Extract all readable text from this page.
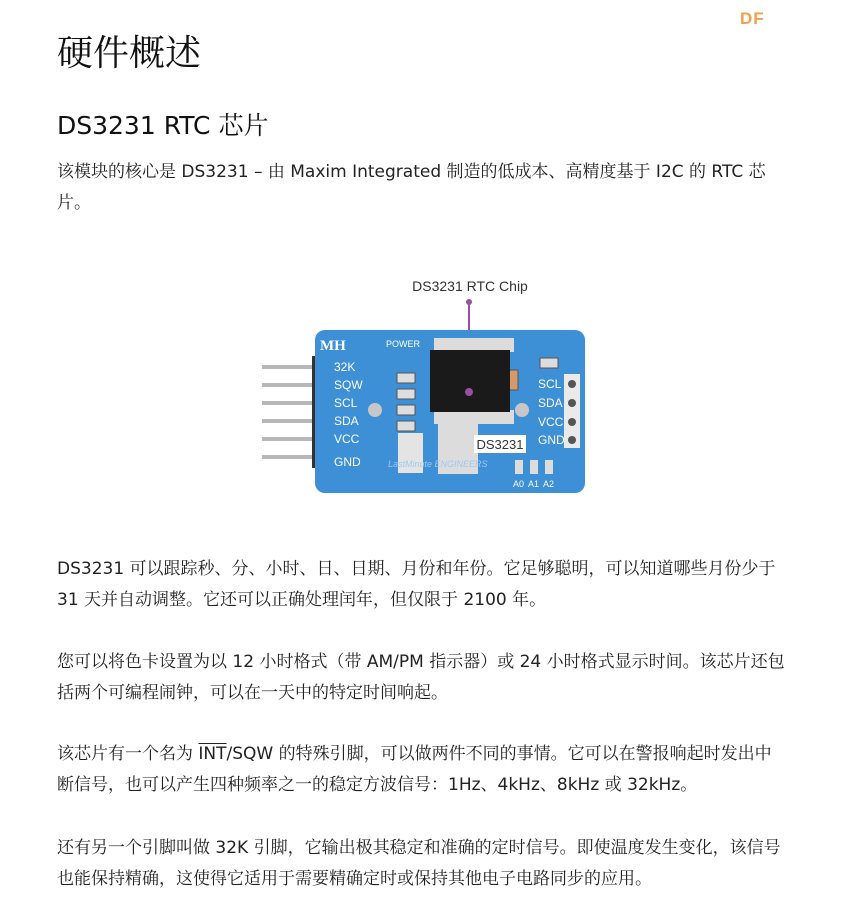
DF
硬件概述
DS3231 RTC 芯片

该模块的核心是 DS3231 – 由 Maxim Integrated 制造的低成本、高精度基于 I2C 的 RTC 芯片。

DS3231 RTC Chip
MH	POWER
32K
SQW
SCL
SDA
VCC
GND
DS3231
LastMinute ENGINEERS
SCL
SDA
VCC
GND
A0 A1 A2

DS3231 可以跟踪秒、分、小时、日、日期、月份和年份。它足够聪明，可以知道哪些月份少于 31 天并自动调整。它还可以正确处理闰年，但仅限于 2100 年。

您可以将色卡设置为以 12 小时格式（带 AM/PM 指示器）或 24 小时格式显示时间。该芯片还包括两个可编程闹钟，可以在一天中的特定时间响起。

该芯片有一个名为 $\overline{INT}$/SQW 的特殊引脚，可以做两件不同的事情。它可以在警报响起时发出中断信号，也可以产生四种频率之一的稳定方波信号：1Hz、4kHz、8kHz 或 32kHz。

还有另一个引脚叫做 32K 引脚，它输出极其稳定和准确的定时信号。即使温度发生变化，该信号也能保持精确，这使得它适用于需要精确定时或保持其他电子电路同步的应用。
